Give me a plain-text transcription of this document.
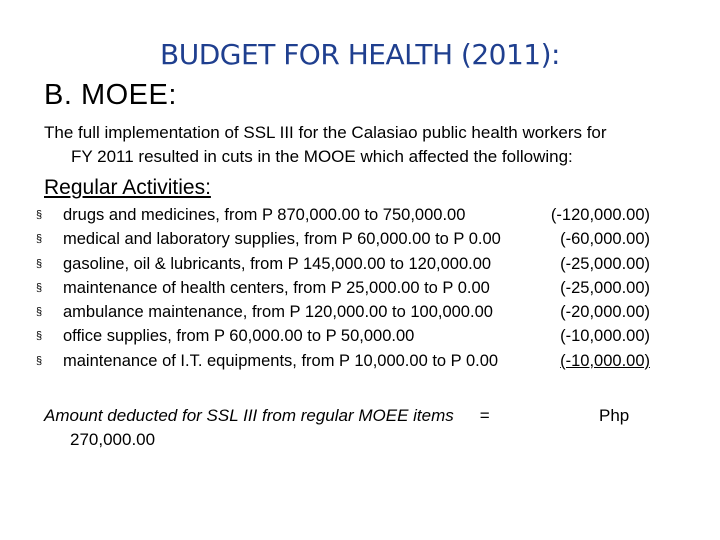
BUDGET FOR HEALTH (2011):
B. MOEE:
The full implementation of SSL III for the Calasiao public health workers for
FY 2011 resulted in cuts in the MOOE which affected the following:
Regular Activities:
§ drugs and medicines, from P 870,000.00 to 750,000.00	(-120,000.00)
§ medical and laboratory supplies, from P 60,000.00 to P 0.00	(-60,000.00)
§ gasoline, oil & lubricants, from P 145,000.00 to 120,000.00	(-25,000.00)
§ maintenance of health centers, from P 25,000.00 to P 0.00	(-25,000.00)
§ ambulance maintenance, from P 120,000.00 to 100,000.00	(-20,000.00)
§ office supplies, from P 60,000.00 to P 50,000.00	(-10,000.00)
§ maintenance of I.T. equipments, from P 10,000.00 to P 0.00	(-10,000.00)
Amount deducted for SSL III from regular MOEE items =	Php
270,000.00
